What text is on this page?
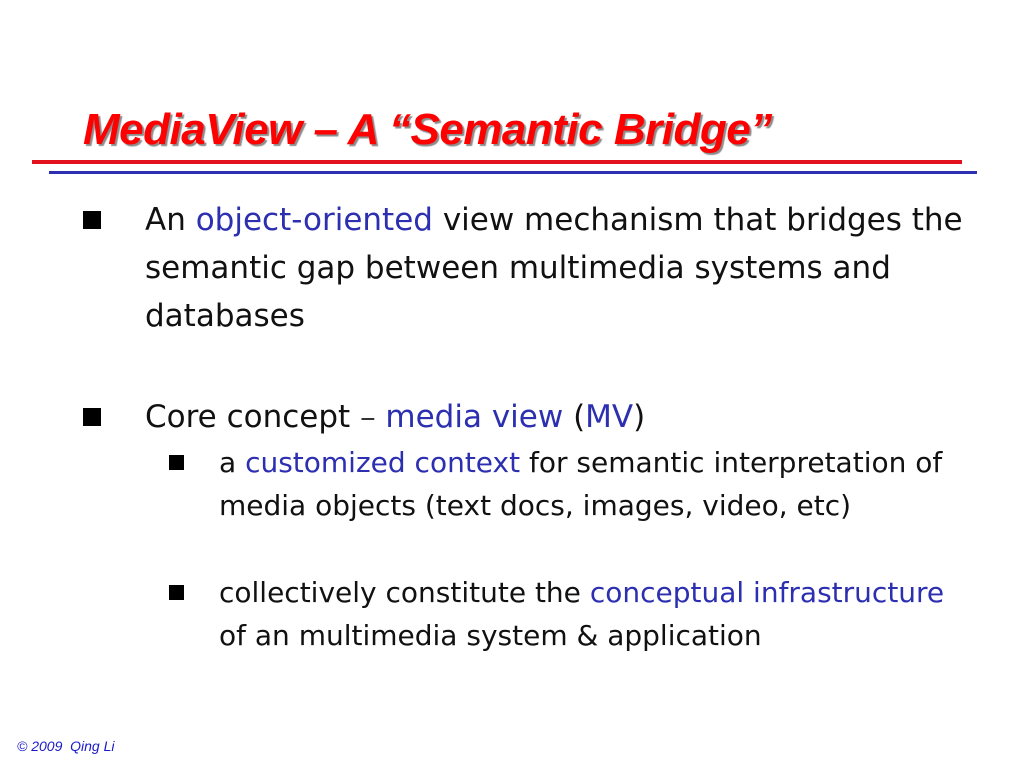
MediaView – A “Semantic Bridge”
An object-oriented view mechanism that bridges the semantic gap between multimedia systems and databases
Core concept – media view (MV)
a customized context for semantic interpretation of media objects (text docs, images, video, etc)
collectively constitute the conceptual infrastructure of an multimedia system & application
© 2009  Qing Li
